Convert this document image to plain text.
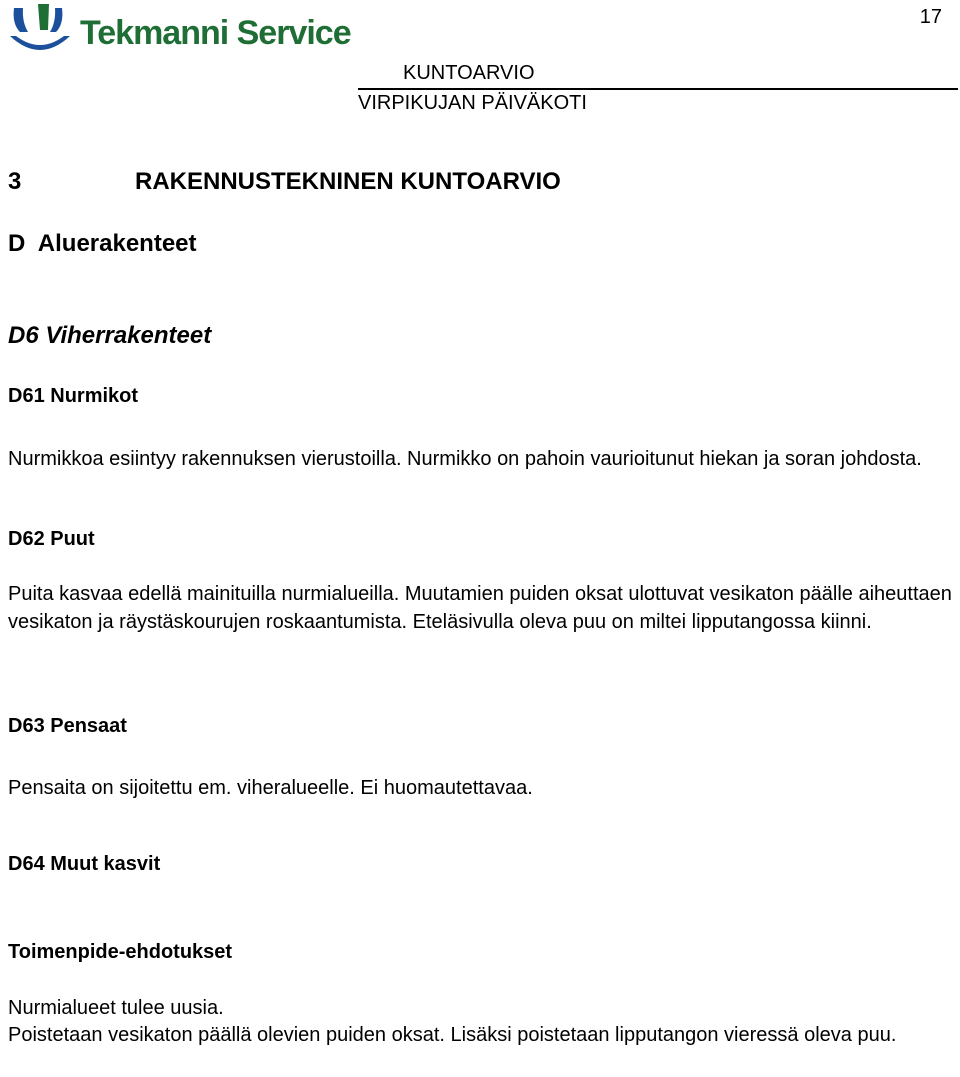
Tekmanni Service	17
KUNTOARVIO
VIRPIKUJAN PÄIVÄKOTI
3	RAKENNUSTEKNINEN KUNTOARVIO
D  Aluerakenteet
D6 Viherrakenteet
D61 Nurmikot

Nurmikkoa esiintyy rakennuksen vierustoilla. Nurmikko on pahoin vaurioitunut hiekan ja soran johdosta.

D62 Puut

Puita kasvaa edellä mainituilla nurmialueilla. Muutamien puiden oksat ulottuvat vesikaton päälle aiheuttaen vesikaton ja räystäskourujen roskaantumista. Eteläsivulla oleva puu on miltei lipputangossa kiinni.

D63 Pensaat

Pensaita on sijoitettu em. viheralueelle. Ei huomautettavaa.

D64 Muut kasvit
Toimenpide-ehdotukset

Nurmialueet tulee uusia.

Poistetaan vesikaton päällä olevien puiden oksat. Lisäksi poistetaan lipputangon vieressä oleva puu.
